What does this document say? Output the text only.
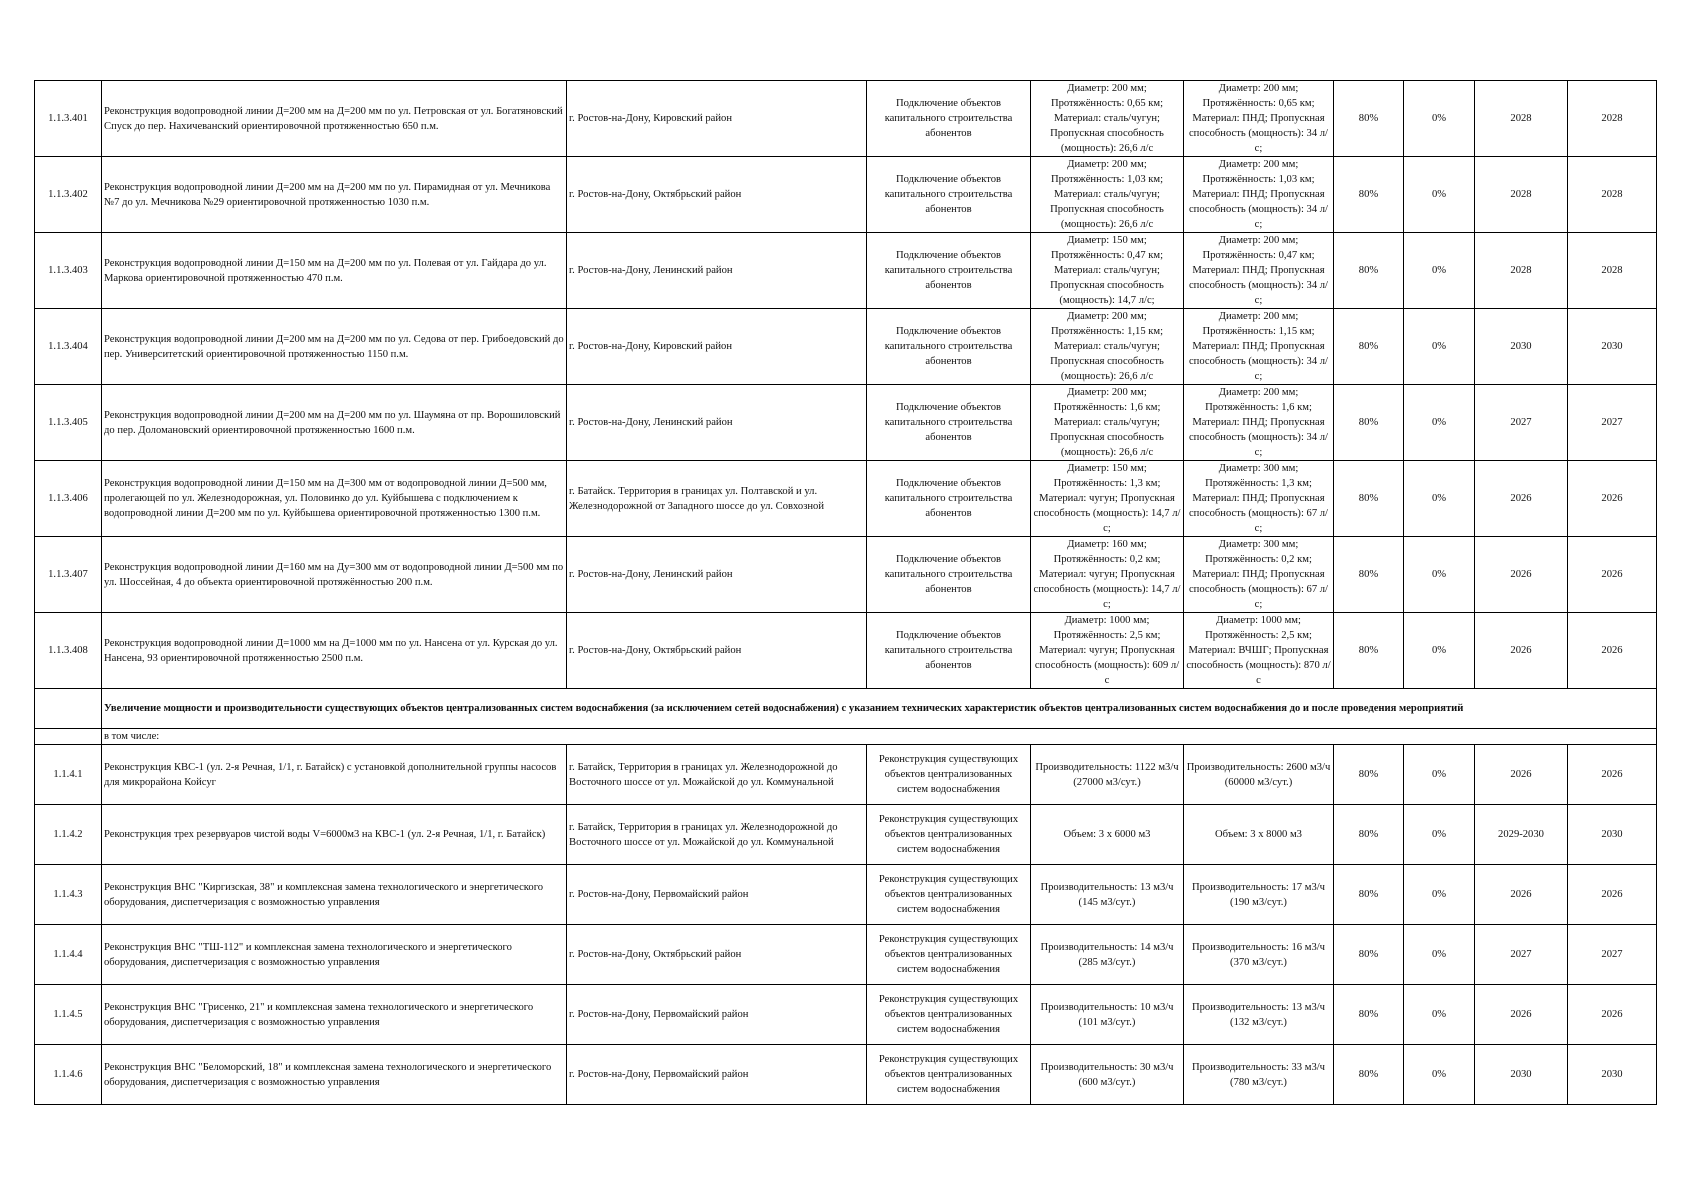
1.1.3.401	Реконструкция водопроводной линии Д=200 мм на Д=200 мм по ул. Петровская от ул. Богатяновский Спуск до пер. Нахичеванский ориентировочной протяженностью 650 п.м.	г. Ростов-на-Дону, Кировский район	Подключение объектов капитального строительства абонентов	Диаметр: 200 мм; Протяжённость: 0,65 км; Материал: сталь/чугун; Пропускная способность (мощность): 26,6 л/с	Диаметр: 200 мм; Протяжённость: 0,65 км; Материал: ПНД; Пропускная способность (мощность): 34 л/с;	80%	0%	2028	2028
1.1.3.402	Реконструкция водопроводной линии Д=200 мм на Д=200 мм по ул. Пирамидная от ул. Мечникова №7 до ул. Мечникова №29 ориентировочной протяженностью 1030 п.м.	г. Ростов-на-Дону, Октябрьский район	Подключение объектов капитального строительства абонентов	Диаметр: 200 мм; Протяжённость: 1,03 км; Материал: сталь/чугун; Пропускная способность (мощность): 26,6 л/с	Диаметр: 200 мм; Протяжённость: 1,03 км; Материал: ПНД; Пропускная способность (мощность): 34 л/с;	80%	0%	2028	2028
1.1.3.403	Реконструкция водопроводной линии Д=150 мм на Д=200 мм по ул. Полевая от ул. Гайдара до ул. Маркова ориентировочной протяженностью 470 п.м.	г. Ростов-на-Дону, Ленинский район	Подключение объектов капитального строительства абонентов	Диаметр: 150 мм; Протяжённость: 0,47 км; Материал: сталь/чугун; Пропускная способность (мощность): 14,7 л/с;	Диаметр: 200 мм; Протяжённость: 0,47 км; Материал: ПНД; Пропускная способность (мощность): 34 л/с;	80%	0%	2028	2028
1.1.3.404	Реконструкция водопроводной линии Д=200 мм на Д=200 мм по ул. Седова от пер. Грибоедовский до пер. Университетский ориентировочной протяженностью 1150 п.м.	г. Ростов-на-Дону, Кировский район	Подключение объектов капитального строительства абонентов	Диаметр: 200 мм; Протяжённость: 1,15 км; Материал: сталь/чугун; Пропускная способность (мощность): 26,6 л/с	Диаметр: 200 мм; Протяжённость: 1,15 км; Материал: ПНД; Пропускная способность (мощность): 34 л/с;	80%	0%	2030	2030
1.1.3.405	Реконструкция водопроводной линии Д=200 мм на Д=200 мм по ул. Шаумяна от пр. Ворошиловский до пер. Доломановский ориентировочной протяженностью 1600 п.м.	г. Ростов-на-Дону, Ленинский район	Подключение объектов капитального строительства абонентов	Диаметр: 200 мм; Протяжённость: 1,6 км; Материал: сталь/чугун; Пропускная способность (мощность): 26,6 л/с	Диаметр: 200 мм; Протяжённость: 1,6 км; Материал: ПНД; Пропускная способность (мощность): 34 л/с;	80%	0%	2027	2027
1.1.3.406	Реконструкция водопроводной линии Д=150 мм на Д=300 мм от водопроводной линии Д=500 мм, пролегающей по ул. Железнодорожная, ул. Половинко до ул. Куйбышева с подключением к водопроводной линии Д=200 мм по ул. Куйбышева ориентировочной протяженностью 1300 п.м.	г. Батайск. Территория в границах ул. Полтавской и ул. Железнодорожной от Западного шоссе до ул. Совхозной	Подключение объектов капитального строительства абонентов	Диаметр: 150 мм; Протяжённость: 1,3 км; Материал: чугун; Пропускная способность (мощность): 14,7 л/с;	Диаметр: 300 мм; Протяжённость: 1,3 км; Материал: ПНД; Пропускная способность (мощность): 67 л/с;	80%	0%	2026	2026
1.1.3.407	Реконструкция водопроводной линии Д=160 мм на Ду=300 мм от водопроводной линии Д=500 мм по ул. Шоссейная, 4 до объекта ориентировочной протяжённостью 200 п.м.	г. Ростов-на-Дону, Ленинский район	Подключение объектов капитального строительства абонентов	Диаметр: 160 мм; Протяжённость: 0,2 км; Материал: чугун; Пропускная способность (мощность): 14,7 л/с;	Диаметр: 300 мм; Протяжённость: 0,2 км; Материал: ПНД; Пропускная способность (мощность): 67 л/с;	80%	0%	2026	2026
1.1.3.408	Реконструкция водопроводной линии Д=1000 мм на Д=1000 мм по ул. Нансена от ул. Курская до ул. Нансена, 93 ориентировочной протяженностью 2500 п.м.	г. Ростов-на-Дону, Октябрьский район	Подключение объектов капитального строительства абонентов	Диаметр: 1000 мм; Протяжённость: 2,5 км; Материал: чугун; Пропускная способность (мощность): 609 л/с	Диаметр: 1000 мм; Протяжённость: 2,5 км; Материал: ВЧШГ; Пропускная способность (мощность): 870 л/с	80%	0%	2026	2026
	Увеличение мощности и производительности существующих объектов централизованных систем водоснабжения (за исключением сетей водоснабжения) с указанием технических характеристик объектов централизованных систем водоснабжения до и после проведения мероприятий								
	в том числе:								
1.1.4.1	Реконструкция КВС-1 (ул. 2-я Речная, 1/1, г. Батайск) с установкой дополнительной группы насосов для микрорайона Койсуг	г. Батайск, Территория в границах ул. Железнодорожной до Восточного шоссе от ул. Можайской до ул. Коммунальной	Реконструкция существующих объектов централизованных систем водоснабжения	Производительность: 1122 м3/ч (27000 м3/сут.)	Производительность: 2600 м3/ч (60000 м3/сут.)	80%	0%	2026	2026
1.1.4.2	Реконструкция трех резервуаров чистой воды V=6000м3 на КВС-1 (ул. 2-я Речная, 1/1, г. Батайск)	г. Батайск, Территория в границах ул. Железнодорожной до Восточного шоссе от ул. Можайской до ул. Коммунальной	Реконструкция существующих объектов централизованных систем водоснабжения	Объем: 3 х 6000 м3	Объем: 3 х 8000 м3	80%	0%	2029-2030	2030
1.1.4.3	Реконструкция ВНС "Киргизская, 38" и комплексная замена технологического и энергетического оборудования, диспетчеризация с возможностью управления	г. Ростов-на-Дону, Первомайский район	Реконструкция существующих объектов централизованных систем водоснабжения	Производительность: 13 м3/ч (145 м3/сут.)	Производительность: 17 м3/ч (190 м3/сут.)	80%	0%	2026	2026
1.1.4.4	Реконструкция ВНС "ТШ-112" и комплексная замена технологического и энергетического оборудования, диспетчеризация с возможностью управления	г. Ростов-на-Дону, Октябрьский район	Реконструкция существующих объектов централизованных систем водоснабжения	Производительность: 14 м3/ч (285 м3/сут.)	Производительность: 16 м3/ч (370 м3/сут.)	80%	0%	2027	2027
1.1.4.5	Реконструкция ВНС "Грисенко, 21" и комплексная замена технологического и энергетического оборудования, диспетчеризация с возможностью управления	г. Ростов-на-Дону, Первомайский район	Реконструкция существующих объектов централизованных систем водоснабжения	Производительность: 10 м3/ч (101 м3/сут.)	Производительность: 13 м3/ч (132 м3/сут.)	80%	0%	2026	2026
1.1.4.6	Реконструкция ВНС "Беломорский, 18" и комплексная замена технологического и энергетического оборудования, диспетчеризация с возможностью управления	г. Ростов-на-Дону, Первомайский район	Реконструкция существующих объектов централизованных систем водоснабжения	Производительность: 30 м3/ч (600 м3/сут.)	Производительность: 33 м3/ч (780 м3/сут.)	80%	0%	2030	2030
